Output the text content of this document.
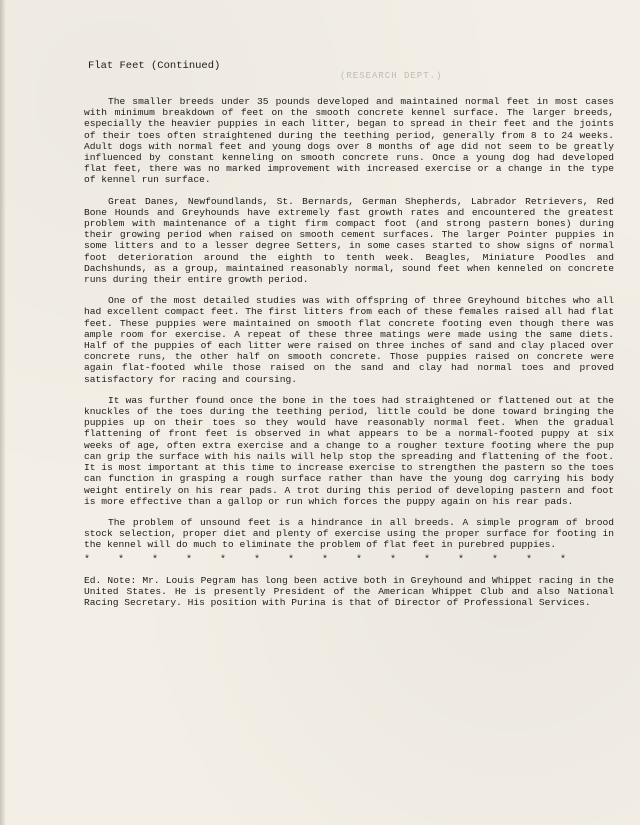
(RESEARCH DEPT.)
Flat Feet (Continued)

The smaller breeds under 35 pounds developed and maintained normal feet in most cases with minimum breakdown of feet on the smooth concrete kennel surface. The larger breeds, especially the heavier puppies in each litter, began to spread in their feet and the joints of their toes often straightened during the teething period, generally from 8 to 24 weeks. Adult dogs with normal feet and young dogs over 8 months of age did not seem to be greatly influenced by constant kenneling on smooth concrete runs. Once a young dog had developed flat feet, there was no marked improvement with increased exercise or a change in the type of kennel run surface.

Great Danes, Newfoundlands, St. Bernards, German Shepherds, Labrador Retrievers, Red Bone Hounds and Greyhounds have extremely fast growth rates and encountered the greatest problem with maintenance of a tight firm compact foot (and strong pastern bones) during their growing period when raised on smooth cement surfaces. The larger Pointer puppies in some litters and to a lesser degree Setters, in some cases started to show signs of normal foot deterioration around the eighth to tenth week. Beagles, Miniature Poodles and Dachshunds, as a group, maintained reasonably normal, sound feet when kenneled on concrete runs during their entire growth period.

One of the most detailed studies was with offspring of three Greyhound bitches who all had excellent compact feet. The first litters from each of these females raised all had flat feet. These puppies were maintained on smooth flat concrete footing even though there was ample room for exercise. A repeat of these three matings were made using the same diets. Half of the puppies of each litter were raised on three inches of sand and clay placed over concrete runs, the other half on smooth concrete. Those puppies raised on concrete were again flat-footed while those raised on the sand and clay had normal toes and proved satisfactory for racing and coursing.

It was further found once the bone in the toes had straightened or flattened out at the knuckles of the toes during the teething period, little could be done toward bringing the puppies up on their toes so they would have reasonably normal feet. When the gradual flattening of front feet is observed in what appears to be a normal-footed puppy at six weeks of age, often extra exercise and a change to a rougher texture footing where the pup can grip the surface with his nails will help stop the spreading and flattening of the foot. It is most important at this time to increase exercise to strengthen the pastern so the toes can function in grasping a rough surface rather than have the young dog carrying his body weight entirely on his rear pads. A trot during this period of developing pastern and foot is more effective than a gallop or run which forces the puppy again on his rear pads.

The problem of unsound feet is a hindrance in all breeds. A simple program of brood stock selection, proper diet and plenty of exercise using the proper surface for footing in the kennel will do much to eliminate the problem of flat feet in purebred puppies.

* * * * * * * * * * * * * * *

Ed. Note: Mr. Louis Pegram has long been active both in Greyhound and Whippet racing in the United States. He is presently President of the American Whippet Club and also National Racing Secretary. His position with Purina is that of Director of Professional Services.
